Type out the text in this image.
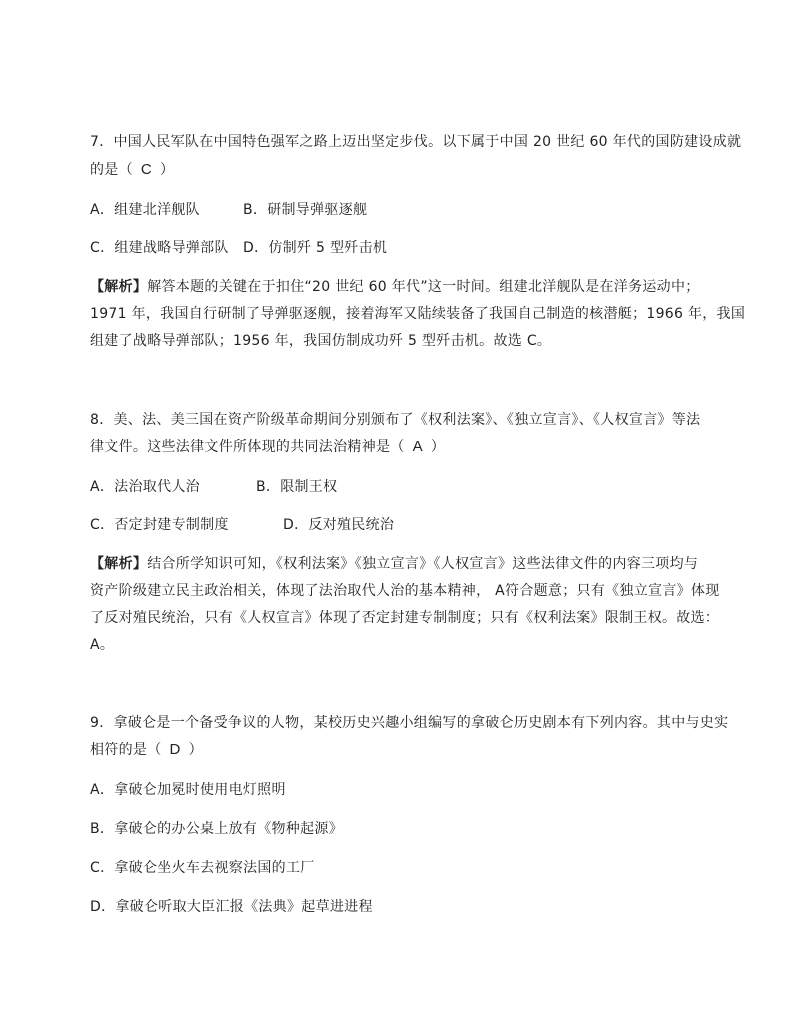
7．中国人民军队在中国特色强军之路上迈出坚定步伐。以下属于中国 20 世纪 60 年代的国防建设成就
的是（ C ）
A．组建北洋舰队	B．研制导弹驱逐舰
C．组建战略导弹部队 D．仿制歼 5 型歼击机
【解析】解答本题的关键在于扣住“20 世纪 60 年代”这一时间。组建北洋舰队是在洋务运动中；
1971 年，我国自行研制了导弹驱逐舰，接着海军又陆续装备了我国自己制造的核潜艇；1966 年，我国
组建了战略导弹部队；1956 年，我国仿制成功歼 5 型歼击机。故选 C。
8．美、法、美三国在资产阶级革命期间分别颁布了《权利法案》、《独立宣言》、《人权宣言》等法
律文件。这些法律文件所体现的共同法治精神是（ A ）
A．法治取代人治	B．限制王权
C．否定封建专制制度	D．反对殖民统治
【解析】结合所学知识可知，《权利法案》《独立宣言》《人权宣言》这些法律文件的内容三项均与
资产阶级建立民主政治相关，体现了法治取代人治的基本精神， A符合题意；只有《独立宣言》体现
了反对殖民统治，只有《人权宣言》体现了否定封建专制制度；只有《权利法案》限制王权。故选：
A。
9．拿破仑是一个备受争议的人物，某校历史兴趣小组编写的拿破仑历史剧本有下列内容。其中与史实
相符的是（ D ）
A．拿破仑加冕时使用电灯照明
B．拿破仑的办公桌上放有《物种起源》
C．拿破仑坐火车去视察法国的工厂
D．拿破仑听取大臣汇报《法典》起草进进程
